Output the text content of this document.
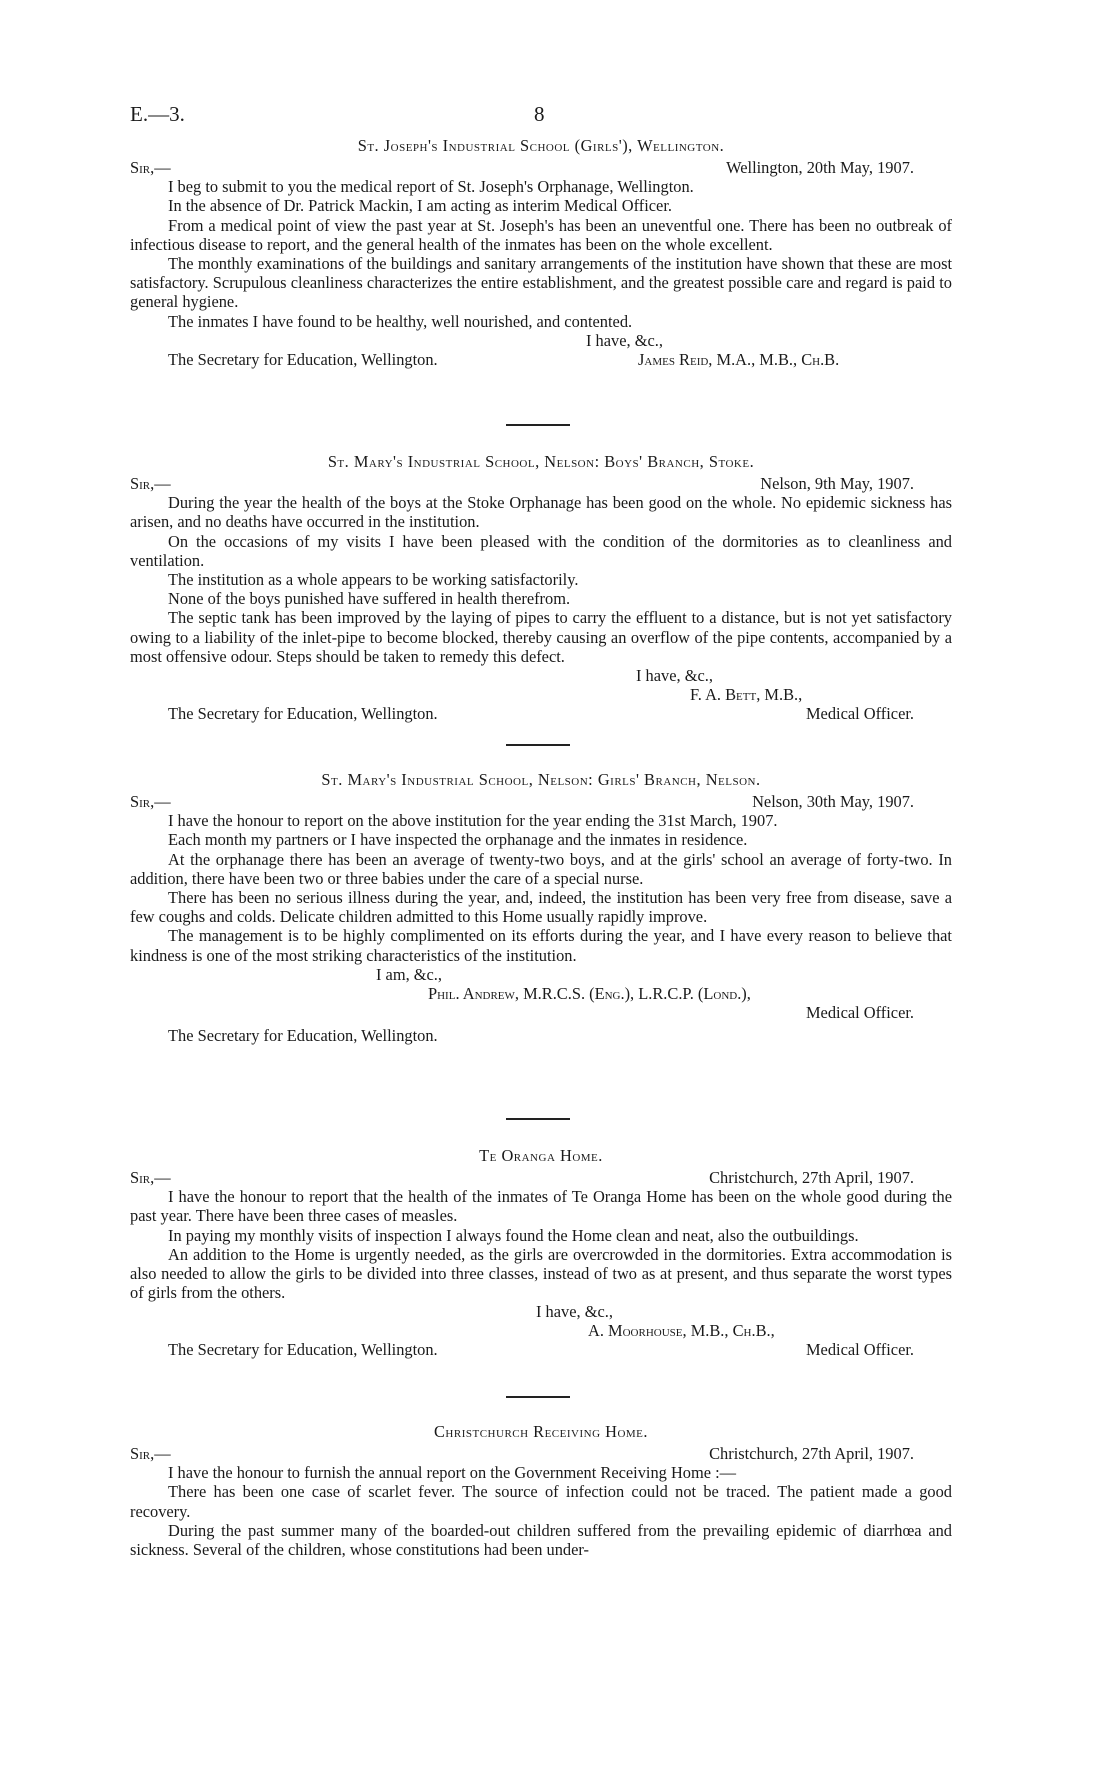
E.—3.	8
St. Joseph's Industrial School (Girls'), Wellington.
Sir,—	Wellington, 20th May, 1907.

I beg to submit to you the medical report of St. Joseph's Orphanage, Wellington.

In the absence of Dr. Patrick Mackin, I am acting as interim Medical Officer.

From a medical point of view the past year at St. Joseph's has been an uneventful one. There has been no outbreak of infectious disease to report, and the general health of the inmates has been on the whole excellent.

The monthly examinations of the buildings and sanitary arrangements of the institution have shown that these are most satisfactory. Scrupulous cleanliness characterizes the entire establishment, and the greatest possible care and regard is paid to general hygiene.

The inmates I have found to be healthy, well nourished, and contented.

I have, &c.,
The Secretary for Education, Wellington.	James Reid, M.A., M.B., Ch.B.
St. Mary's Industrial School, Nelson: Boys' Branch, Stoke.
Sir,—	Nelson, 9th May, 1907.

During the year the health of the boys at the Stoke Orphanage has been good on the whole. No epidemic sickness has arisen, and no deaths have occurred in the institution.

On the occasions of my visits I have been pleased with the condition of the dormitories as to cleanliness and ventilation.

The institution as a whole appears to be working satisfactorily.

None of the boys punished have suffered in health therefrom.

The septic tank has been improved by the laying of pipes to carry the effluent to a distance, but is not yet satisfactory owing to a liability of the inlet-pipe to become blocked, thereby causing an overflow of the pipe contents, accompanied by a most offensive odour. Steps should be taken to remedy this defect.

I have, &c.,
F. A. Bett, M.B.,
The Secretary for Education, Wellington.	Medical Officer.
St. Mary's Industrial School, Nelson: Girls' Branch, Nelson.
Sir,—	Nelson, 30th May, 1907.

I have the honour to report on the above institution for the year ending the 31st March, 1907.

Each month my partners or I have inspected the orphanage and the inmates in residence.

At the orphanage there has been an average of twenty-two boys, and at the girls' school an average of forty-two. In addition, there have been two or three babies under the care of a special nurse.

There has been no serious illness during the year, and, indeed, the institution has been very free from disease, save a few coughs and colds. Delicate children admitted to this Home usually rapidly improve.

The management is to be highly complimented on its efforts during the year, and I have every reason to believe that kindness is one of the most striking characteristics of the institution.

I am, &c.,
Phil. Andrew, M.R.C.S. (Eng.), L.R.C.P. (Lond.),
Medical Officer.
The Secretary for Education, Wellington.
Te Oranga Home.
Sir,—	Christchurch, 27th April, 1907.

I have the honour to report that the health of the inmates of Te Oranga Home has been on the whole good during the past year. There have been three cases of measles.

In paying my monthly visits of inspection I always found the Home clean and neat, also the outbuildings.

An addition to the Home is urgently needed, as the girls are overcrowded in the dormitories. Extra accommodation is also needed to allow the girls to be divided into three classes, instead of two as at present, and thus separate the worst types of girls from the others.

I have, &c.,
A. Moorhouse, M.B., Ch.B.,
The Secretary for Education, Wellington.	Medical Officer.
Christchurch Receiving Home.
Sir,—	Christchurch, 27th April, 1907.

I have the honour to furnish the annual report on the Government Receiving Home :—

There has been one case of scarlet fever. The source of infection could not be traced. The patient made a good recovery.

During the past summer many of the boarded-out children suffered from the prevailing epidemic of diarrhœa and sickness. Several of the children, whose constitutions had been under-
